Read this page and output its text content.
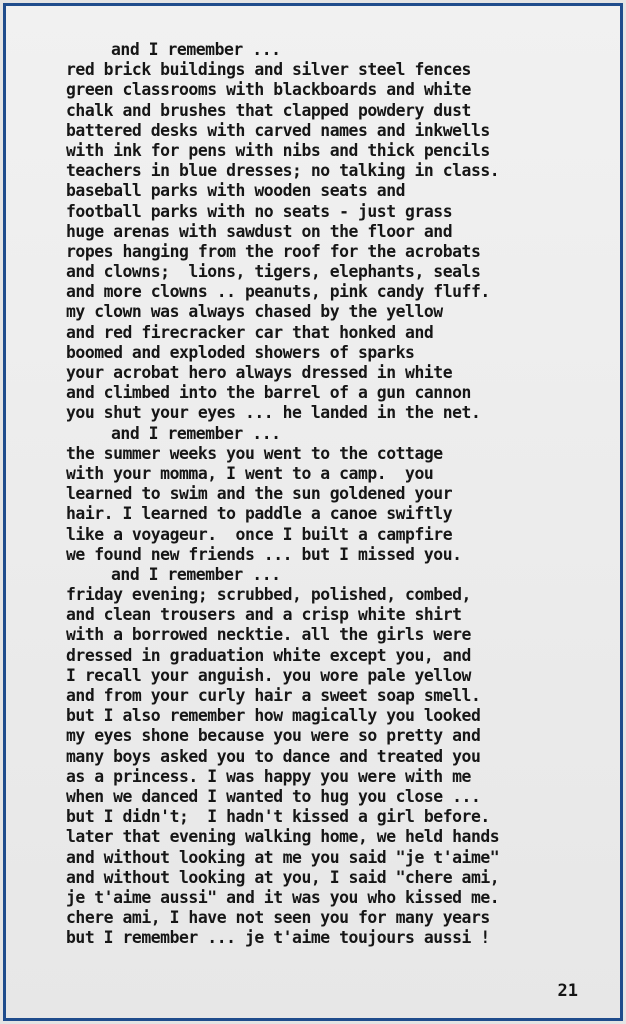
and I remember ...
red brick buildings and silver steel fences
green classrooms with blackboards and white
chalk and brushes that clapped powdery dust
battered desks with carved names and inkwells
with ink for pens with nibs and thick pencils
teachers in blue dresses; no talking in class.
baseball parks with wooden seats and
football parks with no seats - just grass
huge arenas with sawdust on the floor and
ropes hanging from the roof for the acrobats
and clowns;  lions, tigers, elephants, seals
and more clowns .. peanuts, pink candy fluff.
my clown was always chased by the yellow
and red firecracker car that honked and
boomed and exploded showers of sparks
your acrobat hero always dressed in white
and climbed into the barrel of a gun cannon
you shut your eyes ... he landed in the net.
and I remember ...
the summer weeks you went to the cottage
with your momma, I went to a camp.  you
learned to swim and the sun goldened your
hair. I learned to paddle a canoe swiftly
like a voyageur.  once I built a campfire
we found new friends ... but I missed you.
and I remember ...
friday evening; scrubbed, polished, combed,
and clean trousers and a crisp white shirt
with a borrowed necktie. all the girls were
dressed in graduation white except you, and
I recall your anguish. you wore pale yellow
and from your curly hair a sweet soap smell.
but I also remember how magically you looked
my eyes shone because you were so pretty and
many boys asked you to dance and treated you
as a princess. I was happy you were with me
when we danced I wanted to hug you close ...
but I didn't;  I hadn't kissed a girl before.
later that evening walking home, we held hands
and without looking at me you said "je t'aime"
and without looking at you, I said "chere ami,
je t'aime aussi" and it was you who kissed me.
chere ami, I have not seen you for many years
but I remember ... je t'aime toujours aussi !
21
